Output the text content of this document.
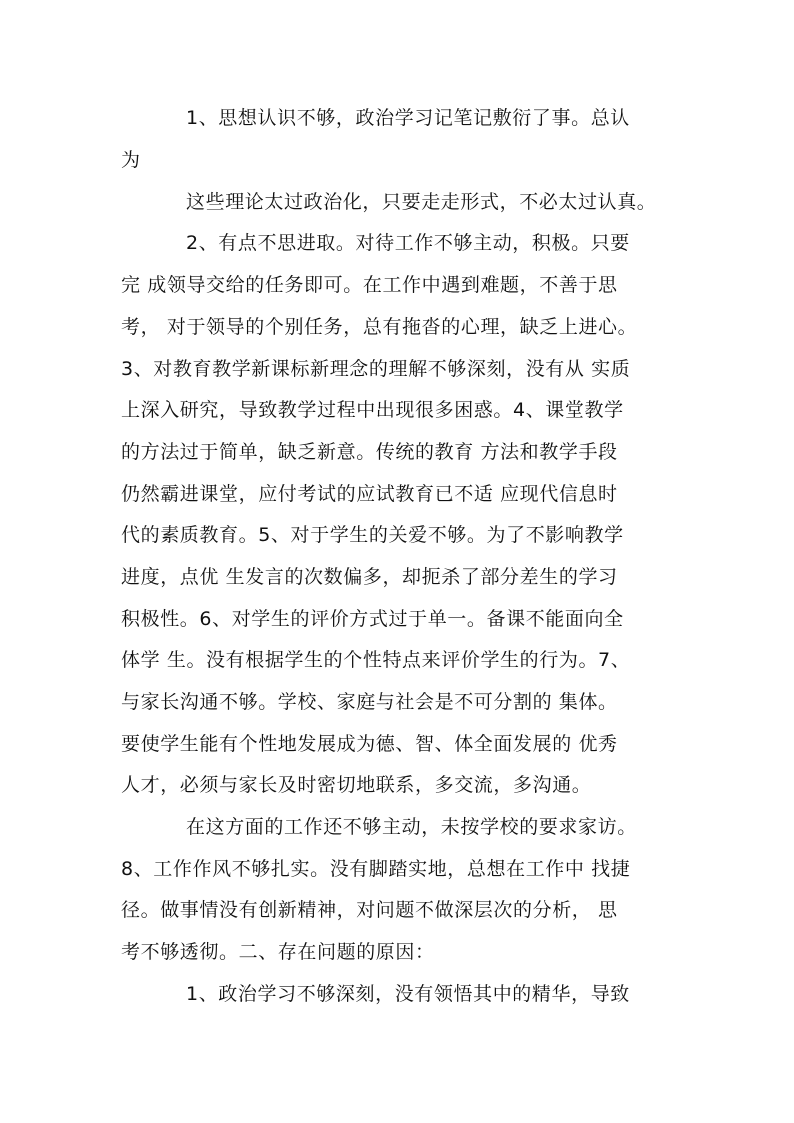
1、思想认识不够，政治学习记笔记敷衍了事。总认
为
这些理论太过政治化，只要走走形式，不必太过认真。
2、有点不思进取。对待工作不够主动，积极。只要
完 成领导交给的任务即可。在工作中遇到难题，不善于思
考， 对于领导的个别任务，总有拖沓的心理，缺乏上进心。
3、对教育教学新课标新理念的理解不够深刻，没有从 实质
上深入研究，导致教学过程中出现很多困惑。4、课堂教学
的方法过于简单，缺乏新意。传统的教育 方法和教学手段
仍然霸进课堂，应付考试的应试教育已不适 应现代信息时
代的素质教育。5、对于学生的关爱不够。为了不影响教学
进度，点优 生发言的次数偏多，却扼杀了部分差生的学习
积极性。6、对学生的评价方式过于单一。备课不能面向全
体学 生。没有根据学生的个性特点来评价学生的行为。7、
与家长沟通不够。学校、家庭与社会是不可分割的 集体。
要使学生能有个性地发展成为德、智、体全面发展的 优秀
人才，必须与家长及时密切地联系，多交流，多沟通。
在这方面的工作还不够主动，未按学校的要求家访。
8、工作作风不够扎实。没有脚踏实地，总想在工作中 找捷
径。做事情没有创新精神，对问题不做深层次的分析， 思
考不够透彻。二、存在问题的原因：
1、政治学习不够深刻，没有领悟其中的精华，导致
